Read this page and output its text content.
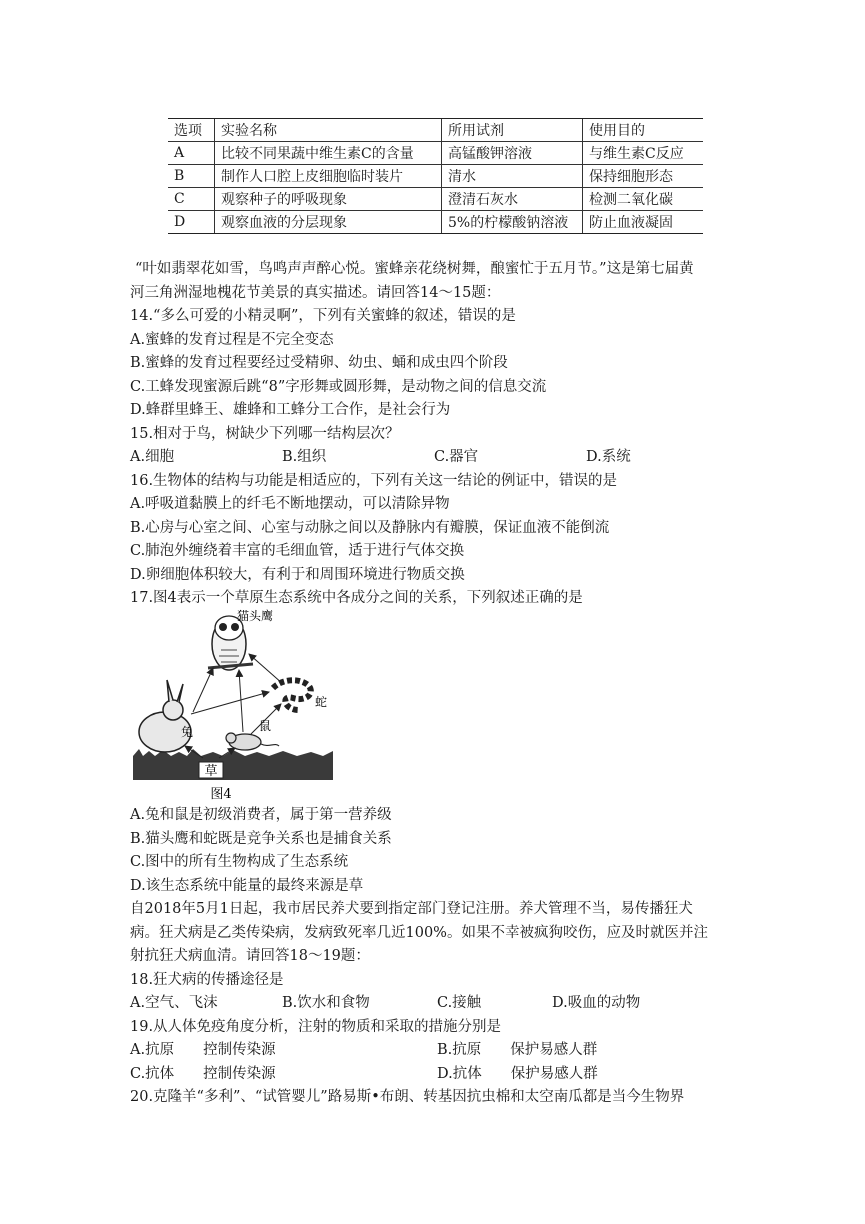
选项	实验名称	所用试剂	使用目的
A	比较不同果蔬中维生素C的含量	高锰酸钾溶液	与维生素C反应
B	制作人口腔上皮细胞临时装片	清水	保持细胞形态
C	观察种子的呼吸现象	澄清石灰水	检测二氧化碳
D	观察血液的分层现象	5%的柠檬酸钠溶液	防止血液凝固
“叶如翡翠花如雪，鸟鸣声声醉心悦。蜜蜂亲花绕树舞，酿蜜忙于五月节。”这是第七届黄
河三角洲湿地槐花节美景的真实描述。请回答14～15题：
14.“多么可爱的小精灵啊”，下列有关蜜蜂的叙述，错误的是
A.蜜蜂的发育过程是不完全变态
B.蜜蜂的发育过程要经过受精卵、幼虫、蛹和成虫四个阶段
C.工蜂发现蜜源后跳“8”字形舞或圆形舞，是动物之间的信息交流
D.蜂群里蜂王、雄蜂和工蜂分工合作，是社会行为
15.相对于鸟，树缺少下列哪一结构层次？
A.细胞	B.组织	C.器官	D.系统
16.生物体的结构与功能是相适应的，下列有关这一结论的例证中，错误的是
A.呼吸道黏膜上的纤毛不断地摆动，可以清除异物
B.心房与心室之间、心室与动脉之间以及静脉内有瓣膜，保证血液不能倒流
C.肺泡外缠绕着丰富的毛细血管，适于进行气体交换
D.卵细胞体积较大，有利于和周围环境进行物质交换
17.图4表示一个草原生态系统中各成分之间的关系，下列叙述正确的是
草
猫头鹰
蛇
兔	鼠
图4
A.兔和鼠是初级消费者，属于第一营养级
B.猫头鹰和蛇既是竞争关系也是捕食关系
C.图中的所有生物构成了生态系统
D.该生态系统中能量的最终来源是草
自2018年5月1日起，我市居民养犬要到指定部门登记注册。养犬管理不当，易传播狂犬
病。狂犬病是乙类传染病，发病致死率几近100%。如果不幸被疯狗咬伤，应及时就医并注
射抗狂犬病血清。请回答18～19题：
18.狂犬病的传播途径是
A.空气、飞沫	B.饮水和食物	C.接触	D.吸血的动物
19.从人体免疫角度分析，注射的物质和采取的措施分别是
A.抗原　　控制传染源	B.抗原　　保护易感人群
C.抗体　　控制传染源	D.抗体　　保护易感人群
20.克隆羊“多利”、“试管婴儿”路易斯•布朗、转基因抗虫棉和太空南瓜都是当今生物界
